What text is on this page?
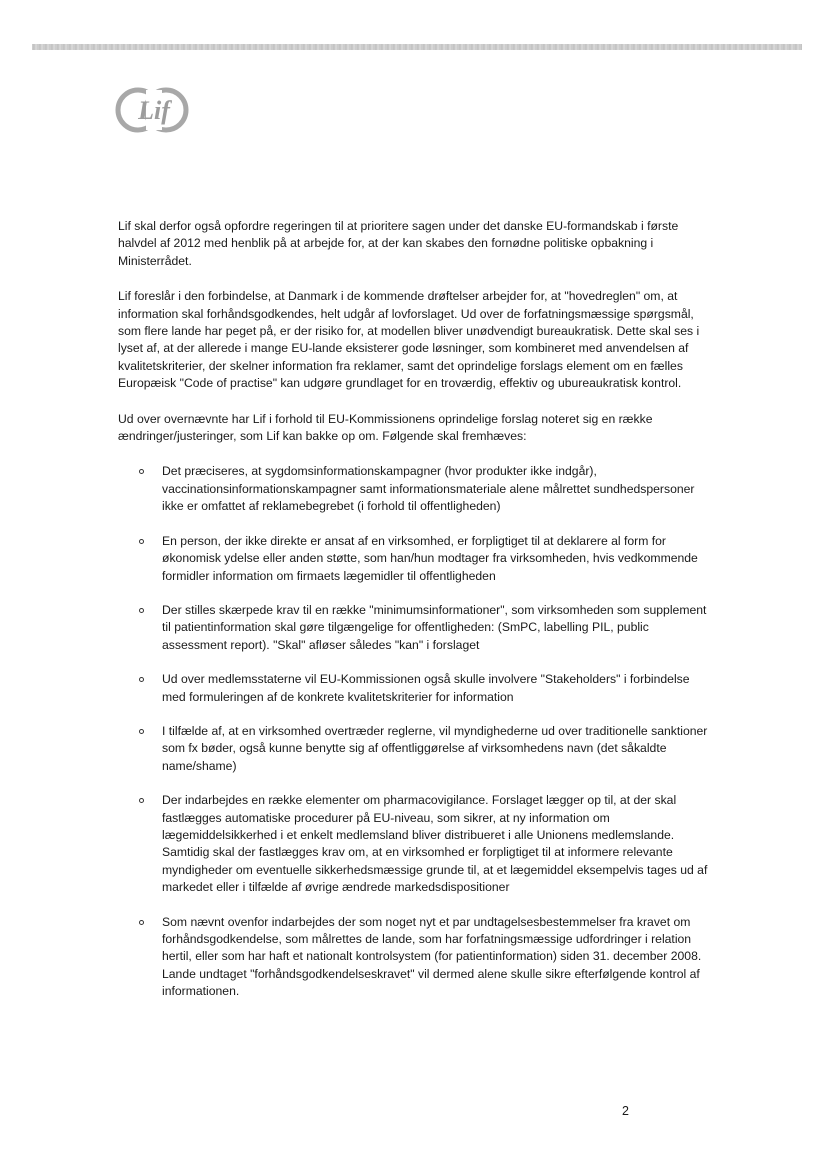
Lif

Lif skal derfor også opfordre regeringen til at prioritere sagen under det danske EU-formandskab i første halvdel af 2012 med henblik på at arbejde for, at der kan skabes den fornødne politiske opbakning i Ministerrådet.

Lif foreslår i den forbindelse, at Danmark i de kommende drøftelser arbejder for, at "hovedreglen" om, at information skal forhåndsgodkendes, helt udgår af lovforslaget. Ud over de forfatningsmæssige spørgsmål, som flere lande har peget på, er der risiko for, at modellen bliver unødvendigt bureaukratisk. Dette skal ses i lyset af, at der allerede i mange EU-lande eksisterer gode løsninger, som kombineret med anvendelsen af kvalitetskriterier, der skelner information fra reklamer, samt det oprindelige forslags element om en fælles Europæisk "Code of practise" kan udgøre grundlaget for en troværdig, effektiv og ubureaukratisk kontrol.

Ud over overnævnte har Lif i forhold til EU-Kommissionens oprindelige forslag noteret sig en række ændringer/justeringer, som Lif kan bakke op om. Følgende skal fremhæves:

Det præciseres, at sygdomsinformationskampagner (hvor produkter ikke indgår), vaccinationsinformationskampagner samt informationsmateriale alene målrettet sundhedspersoner ikke er omfattet af reklamebegrebet (i forhold til offentligheden)
En person, der ikke direkte er ansat af en virksomhed, er forpligtiget til at deklarere al form for økonomisk ydelse eller anden støtte, som han/hun modtager fra virksomheden, hvis vedkommende formidler information om firmaets lægemidler til offentligheden
Der stilles skærpede krav til en række "minimumsinformationer", som virksomheden som supplement til patientinformation skal gøre tilgængelige for offentligheden: (SmPC, labelling PIL, public assessment report). "Skal" afløser således "kan" i forslaget
Ud over medlemsstaterne vil EU-Kommissionen også skulle involvere "Stakeholders" i forbindelse med formuleringen af de konkrete kvalitetskriterier for information
I tilfælde af, at en virksomhed overtræder reglerne, vil myndighederne ud over traditionelle sanktioner som fx bøder, også kunne benytte sig af offentliggørelse af virksomhedens navn (det såkaldte name/shame)
Der indarbejdes en række elementer om pharmacovigilance. Forslaget lægger op til, at der skal fastlægges automatiske procedurer på EU-niveau, som sikrer, at ny information om lægemiddelsikkerhed i et enkelt medlemsland bliver distribueret i alle Unionens medlemslande. Samtidig skal der fastlægges krav om, at en virksomhed er forpligtiget til at informere relevante myndigheder om eventuelle sikkerhedsmæssige grunde til, at et lægemiddel eksempelvis tages ud af markedet eller i tilfælde af øvrige ændrede markedsdispositioner
Som nævnt ovenfor indarbejdes der som noget nyt et par undtagelsesbestemmelser fra kravet om forhåndsgodkendelse, som målrettes de lande, som har forfatningsmæssige udfordringer i relation hertil, eller som har haft et nationalt kontrolsystem (for patientinformation) siden 31. december 2008. Lande undtaget "forhåndsgodkendelseskravet" vil dermed alene skulle sikre efterfølgende kontrol af informationen.
2
